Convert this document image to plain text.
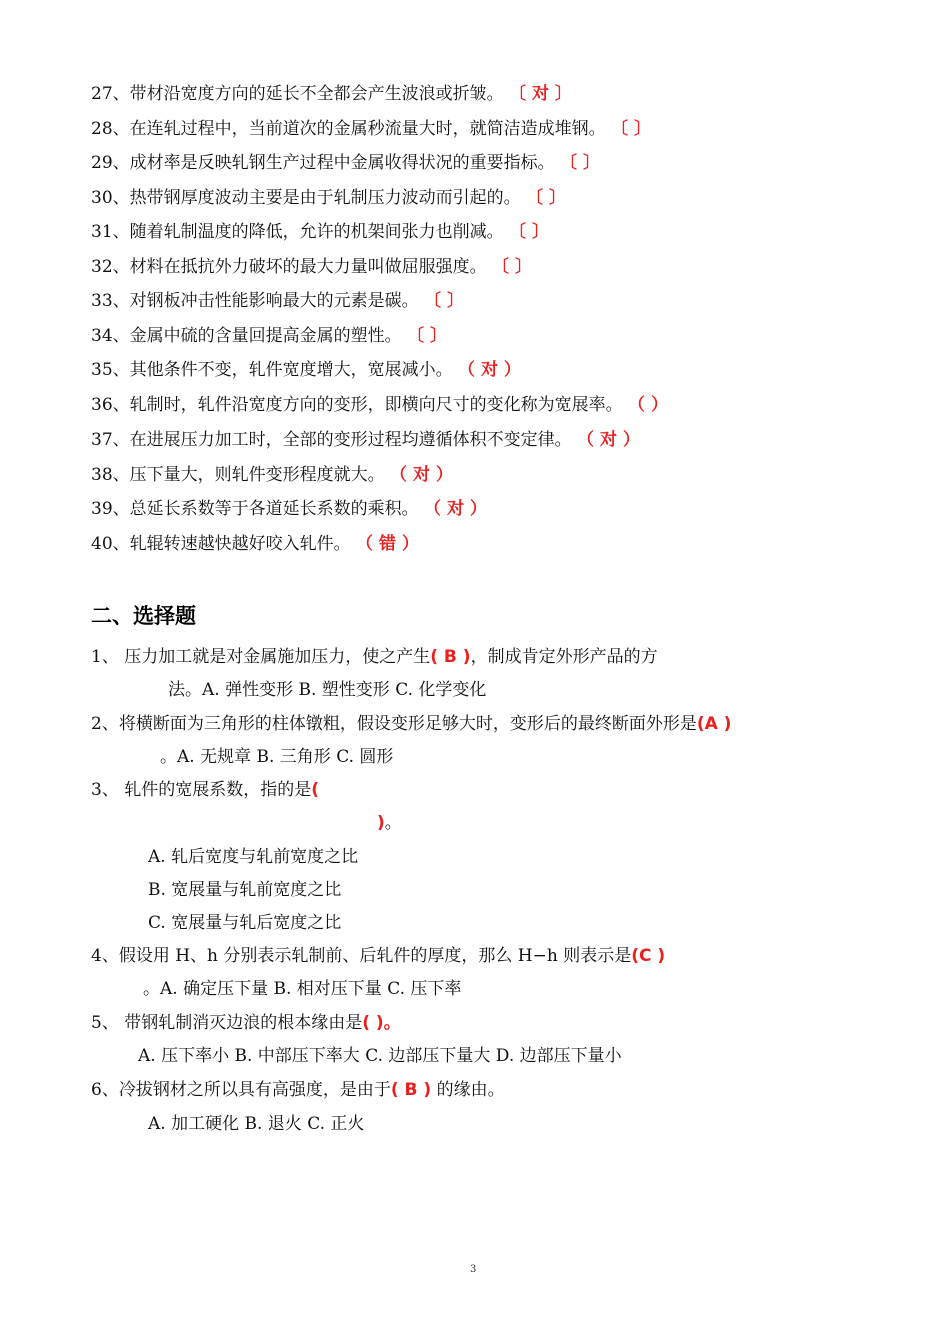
27、带材沿宽度方向的延长不全都会产生波浪或折皱。 〔 对 〕
28、在连轧过程中，当前道次的金属秒流量大时，就简洁造成堆钢。 〔 〕
29、成材率是反映轧钢生产过程中金属收得状况的重要指标。 〔 〕
30、热带钢厚度波动主要是由于轧制压力波动而引起的。 〔 〕
31、随着轧制温度的降低，允许的机架间张力也削减。 〔 〕
32、材料在抵抗外力破坏的最大力量叫做屈服强度。 〔 〕
33、对钢板冲击性能影响最大的元素是碳。 〔 〕
34、金属中硫的含量回提高金属的塑性。 〔 〕
35、其他条件不变，轧件宽度增大，宽展减小。 （ 对 ）
36、轧制时，轧件沿宽度方向的变形，即横向尺寸的变化称为宽展率。 （ ）
37、在进展压力加工时，全部的变形过程均遵循体积不变定律。 （ 对 ）
38、压下量大，则轧件变形程度就大。 （ 对 ）
39、总延长系数等于各道延长系数的乘积。 （ 对 ）
40、轧辊转速越快越好咬入轧件。 （ 错 ）
二、选择题
1、 压力加工就是对金属施加压力，使之产生( B )，制成肯定外形产品的方
法。A. 弹性变形 B. 塑性变形 C. 化学变化
2、将横断面为三角形的柱体镦粗，假设变形足够大时，变形后的最终断面外形是(A )
。A. 无规章 B. 三角形 C. 圆形
3、 轧件的宽展系数，指的是(
)。
A. 轧后宽度与轧前宽度之比
B. 宽展量与轧前宽度之比
C. 宽展量与轧后宽度之比
4、假设用 H、h 分别表示轧制前、后轧件的厚度，那么 H−h 则表示是(C )
。A. 确定压下量 B. 相对压下量 C. 压下率
5、 带钢轧制消灭边浪的根本缘由是( )。
A. 压下率小 B. 中部压下率大 C. 边部压下量大 D. 边部压下量小
6、冷拔钢材之所以具有高强度，是由于( B ) 的缘由。
A. 加工硬化 B. 退火 C. 正火
3
